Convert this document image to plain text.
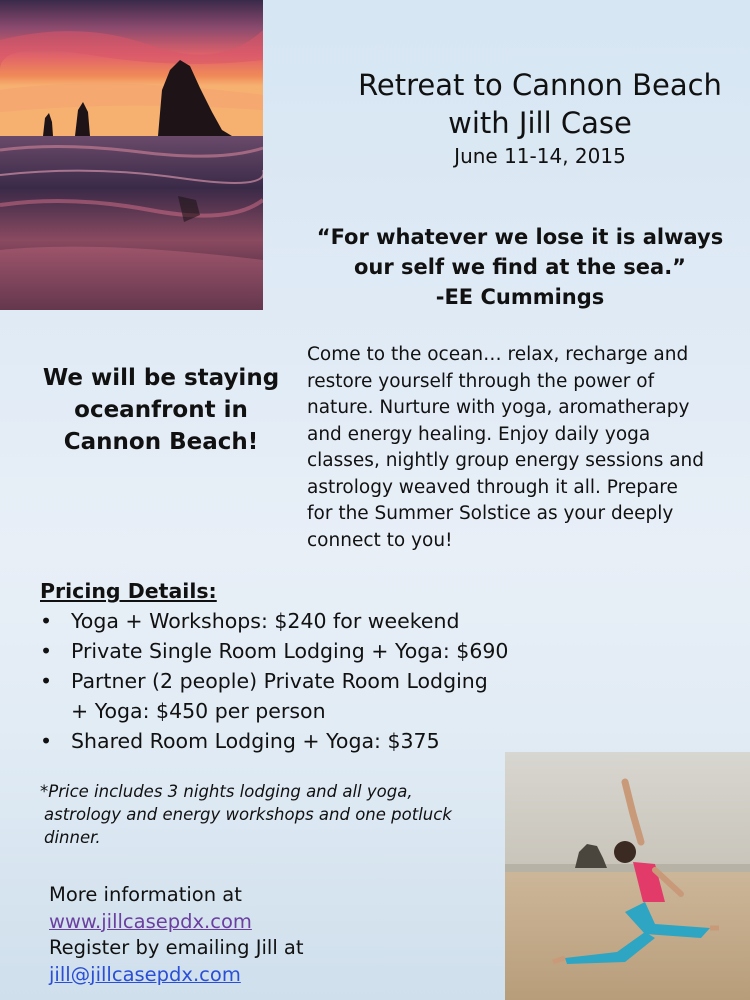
Retreat to Cannon Beach
with Jill Case
June 11-14, 2015
“For whatever we lose it is always
our self we find at the sea.”
-EE Cummings
We will be staying
oceanfront in
Cannon Beach!
Come to the ocean… relax, recharge and
restore yourself through the power of
nature. Nurture with yoga, aromatherapy
and energy healing. Enjoy daily yoga
classes, nightly group energy sessions and
astrology weaved through it all. Prepare
for the Summer Solstice as your deeply
connect to you!
Pricing Details:
• Yoga + Workshops: $240 for weekend
• Private Single Room Lodging + Yoga: $690
• Partner (2 people) Private Room Lodging
+ Yoga: $450 per person
• Shared Room Lodging + Yoga: $375
*Price includes 3 nights lodging and all yoga,
astrology and energy workshops and one potluck
dinner.
More information at
www.jillcasepdx.com
Register by emailing Jill at
jill@jillcasepdx.com
